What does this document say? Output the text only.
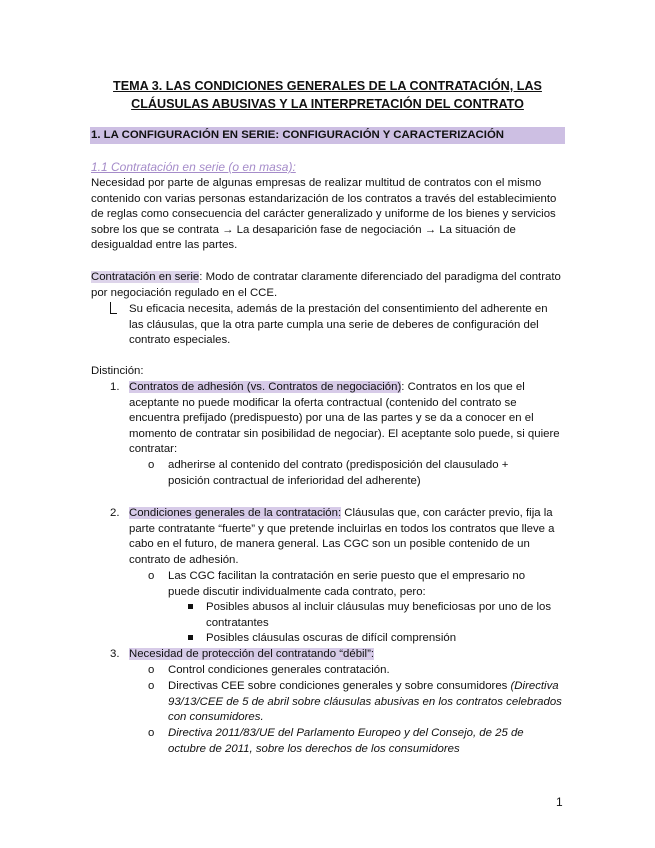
TEMA 3. LAS CONDICIONES GENERALES DE LA CONTRATACIÓN, LAS
CLÁUSULAS ABUSIVAS Y LA INTERPRETACIÓN DEL CONTRATO
1. LA CONFIGURACIÓN EN SERIE: CONFIGURACIÓN Y CARACTERIZACIÓN
1.1 Contratación en serie (o en masa):
Necesidad por parte de algunas empresas de realizar multitud de contratos con el mismo contenido con varias personas estandarización de los contratos a través del establecimiento de reglas como consecuencia del carácter generalizado y uniforme de los bienes y servicios sobre los que se contrata → La desaparición fase de negociación → La situación de desigualdad entre las partes.
Contratación en serie: Modo de contratar claramente diferenciado del paradigma del contrato por negociación regulado en el CCE.
Su eficacia necesita, además de la prestación del consentimiento del adherente en las cláusulas, que la otra parte cumpla una serie de deberes de configuración del contrato especiales.
Distinción:
1. Contratos de adhesión (vs. Contratos de negociación): Contratos en los que el aceptante no puede modificar la oferta contractual (contenido del contrato se encuentra prefijado (predispuesto) por una de las partes y se da a conocer en el momento de contratar sin posibilidad de negociar). El aceptante solo puede, si quiere contratar:
o adherirse al contenido del contrato (predisposición del clausulado + posición contractual de inferioridad del adherente)
2. Condiciones generales de la contratación: Cláusulas que, con carácter previo, fija la parte contratante “fuerte” y que pretende incluirlas en todos los contratos que lleve a cabo en el futuro, de manera general. Las CGC son un posible contenido de un contrato de adhesión.
o Las CGC facilitan la contratación en serie puesto que el empresario no puede discutir individualmente cada contrato, pero:
Posibles abusos al incluir cláusulas muy beneficiosas por uno de los contratantes
Posibles cláusulas oscuras de difícil comprensión
3. Necesidad de protección del contratando “débil”:
o Control condiciones generales contratación.
o Directivas CEE sobre condiciones generales y sobre consumidores (Directiva 93/13/CEE de 5 de abril sobre cláusulas abusivas en los contratos celebrados con consumidores.
o Directiva 2011/83/UE del Parlamento Europeo y del Consejo, de 25 de octubre de 2011, sobre los derechos de los consumidores
1
